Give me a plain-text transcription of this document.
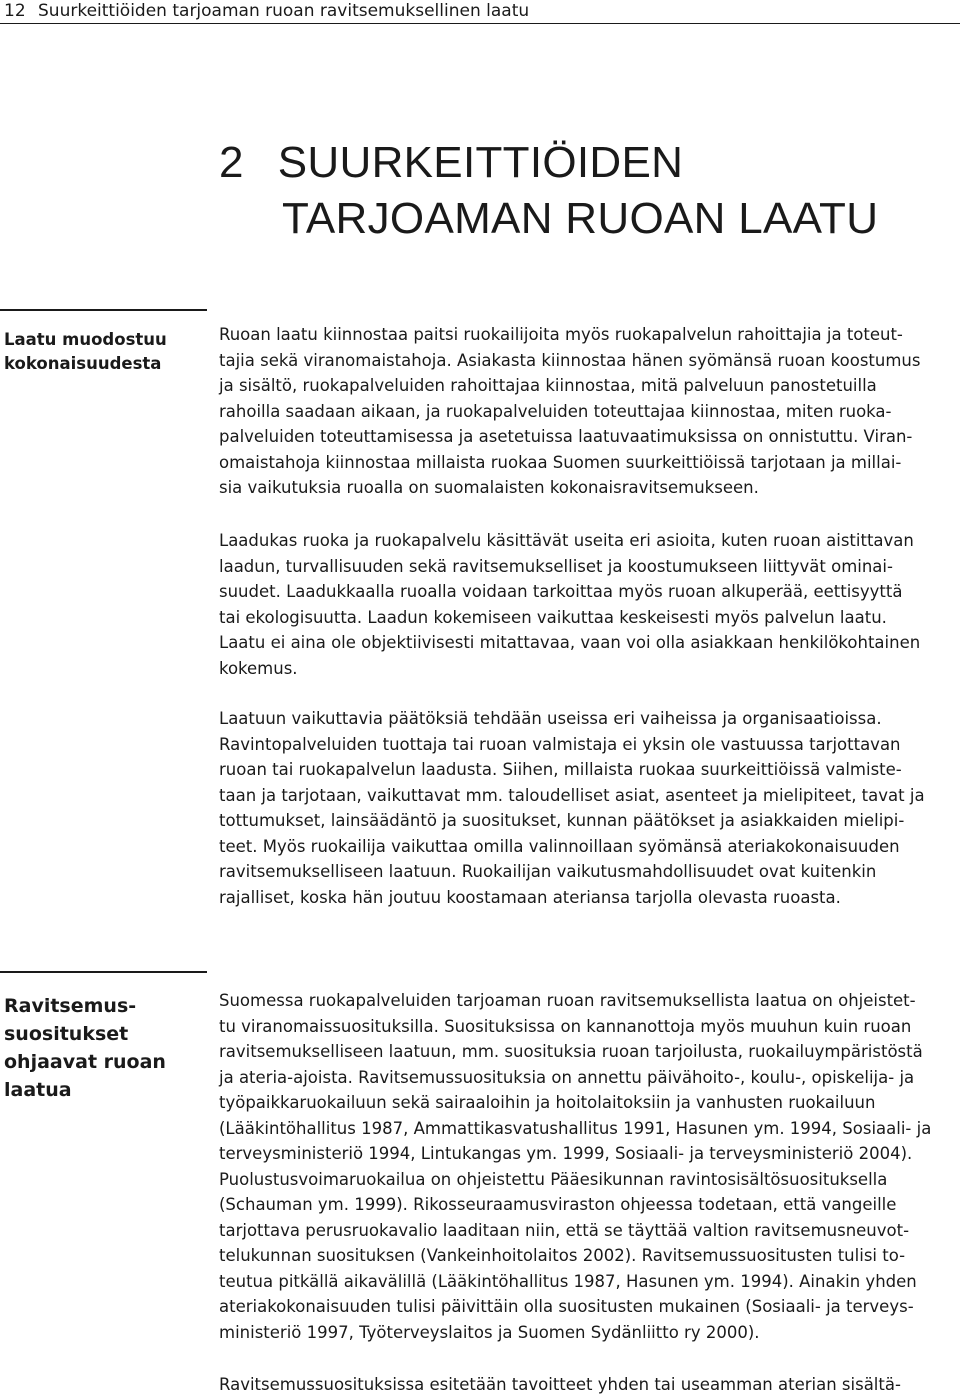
12 Suurkeittiöiden tarjoaman ruoan ravitsemuksellinen laatu
2 SUURKEITTIÖIDEN
TARJOAMAN RUOAN LAATU
Laatu muodostuu
kokonaisuudesta

Ruoan laatu kiinnostaa paitsi ruokailijoita myös ruokapalvelun rahoittajia ja toteut-
tajia sekä viranomaistahoja. Asiakasta kiinnostaa hänen syömänsä ruoan koostumus
ja sisältö, ruokapalveluiden rahoittajaa kiinnostaa, mitä palveluun panostetuilla
rahoilla saadaan aikaan, ja ruokapalveluiden toteuttajaa kiinnostaa, miten ruoka-
palveluiden toteuttamisessa ja asetetuissa laatuvaatimuksissa on onnistuttu. Viran-
omaistahoja kiinnostaa millaista ruokaa Suomen suurkeittiöissä tarjotaan ja millai-
sia vaikutuksia ruoalla on suomalaisten kokonaisravitsemukseen.

Laadukas ruoka ja ruokapalvelu käsittävät useita eri asioita, kuten ruoan aistittavan
laadun, turvallisuuden sekä ravitsemukselliset ja koostumukseen liittyvät ominai-
suudet. Laadukkaalla ruoalla voidaan tarkoittaa myös ruoan alkuperää, eettisyyttä
tai ekologisuutta. Laadun kokemiseen vaikuttaa keskeisesti myös palvelun laatu.
Laatu ei aina ole objektiivisesti mitattavaa, vaan voi olla asiakkaan henkilökohtainen
kokemus.

Laatuun vaikuttavia päätöksiä tehdään useissa eri vaiheissa ja organisaatioissa.
Ravintopalveluiden tuottaja tai ruoan valmistaja ei yksin ole vastuussa tarjottavan
ruoan tai ruokapalvelun laadusta. Siihen, millaista ruokaa suurkeittiöissä valmiste-
taan ja tarjotaan, vaikuttavat mm. taloudelliset asiat, asenteet ja mielipiteet, tavat ja
tottumukset, lainsäädäntö ja suositukset, kunnan päätökset ja asiakkaiden mielipi-
teet. Myös ruokailija vaikuttaa omilla valinnoillaan syömänsä ateriakokonaisuuden
ravitsemukselliseen laatuun. Ruokailijan vaikutusmahdollisuudet ovat kuitenkin
rajalliset, koska hän joutuu koostamaan ateriansa tarjolla olevasta ruoasta.

Ravitsemus-
suositukset
ohjaavat ruoan
laatua

Suomessa ruokapalveluiden tarjoaman ruoan ravitsemuksellista laatua on ohjeistet-
tu viranomaissuosituksilla. Suosituksissa on kannanottoja myös muuhun kuin ruoan
ravitsemukselliseen laatuun, mm. suosituksia ruoan tarjoilusta, ruokailuympäristöstä
ja ateria-ajoista. Ravitsemussuosituksia on annettu päivähoito-, koulu-, opiskelija- ja
työpaikkaruokailuun sekä sairaaloihin ja hoitolaitoksiin ja vanhusten ruokailuun
(Lääkintöhallitus 1987, Ammattikasvatushallitus 1991, Hasunen ym. 1994, Sosiaali- ja
terveysministeriö 1994, Lintukangas ym. 1999, Sosiaali- ja terveysministeriö 2004).
Puolustusvoimaruokailua on ohjeistettu Pääesikunnan ravintosisältösuosituksella
(Schauman ym. 1999). Rikosseuraamusviraston ohjeessa todetaan, että vangeille
tarjottava perusruokavalio laaditaan niin, että se täyttää valtion ravitsemusneuvot-
telukunnan suosituksen (Vankeinhoitolaitos 2002). Ravitsemussuositusten tulisi to-
teutua pitkällä aikavälillä (Lääkintöhallitus 1987, Hasunen ym. 1994). Ainakin yhden
ateriakokonaisuuden tulisi päivittäin olla suositusten mukainen (Sosiaali- ja terveys-
ministeriö 1997, Työterveyslaitos ja Suomen Sydänliitto ry 2000).

Ravitsemussuosituksissa esitetään tavoitteet yhden tai useamman aterian sisältä-
